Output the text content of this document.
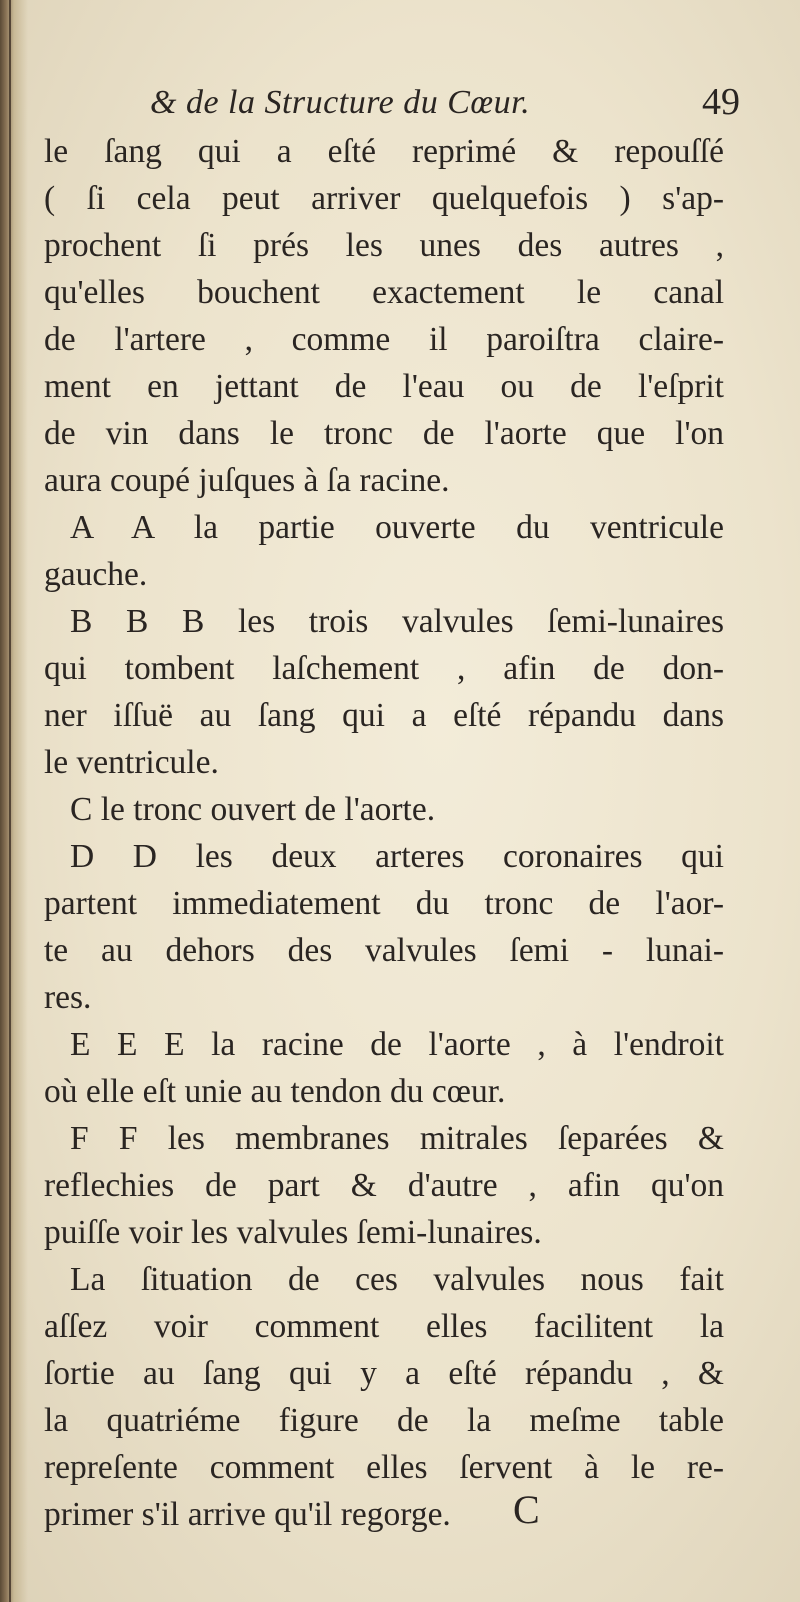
& de la Structure du Cœur.	49
le ſang qui a eſté reprimé & repouſſé
( ſi cela peut arriver quelquefois ) s'ap-
prochent ſi prés les unes des autres ,
qu'elles bouchent exactement le canal
de l'artere , comme il paroiſtra claire-
ment en jettant de l'eau ou de l'eſprit
de vin dans le tronc de l'aorte que l'on
aura coupé juſques à ſa racine.
A A la partie ouverte du ventricule
gauche.
B B B les trois valvules ſemi-lunaires
qui tombent laſchement , afin de don-
ner iſſuë au ſang qui a eſté répandu dans
le ventricule.
C le tronc ouvert de l'aorte.
D D les deux arteres coronaires qui
partent immediatement du tronc de l'aor-
te au dehors des valvules ſemi - lunai-
res.
E E E la racine de l'aorte , à l'endroit
où elle eſt unie au tendon du cœur.
F F les membranes mitrales ſeparées &
reflechies de part & d'autre , afin qu'on
puiſſe voir les valvules ſemi-lunaires.
La ſituation de ces valvules nous fait
aſſez voir comment elles facilitent la
ſortie au ſang qui y a eſté répandu , &
la quatriéme figure de la meſme table
repreſente comment elles ſervent à le re-
primer s'il arrive qu'il regorge.	C
